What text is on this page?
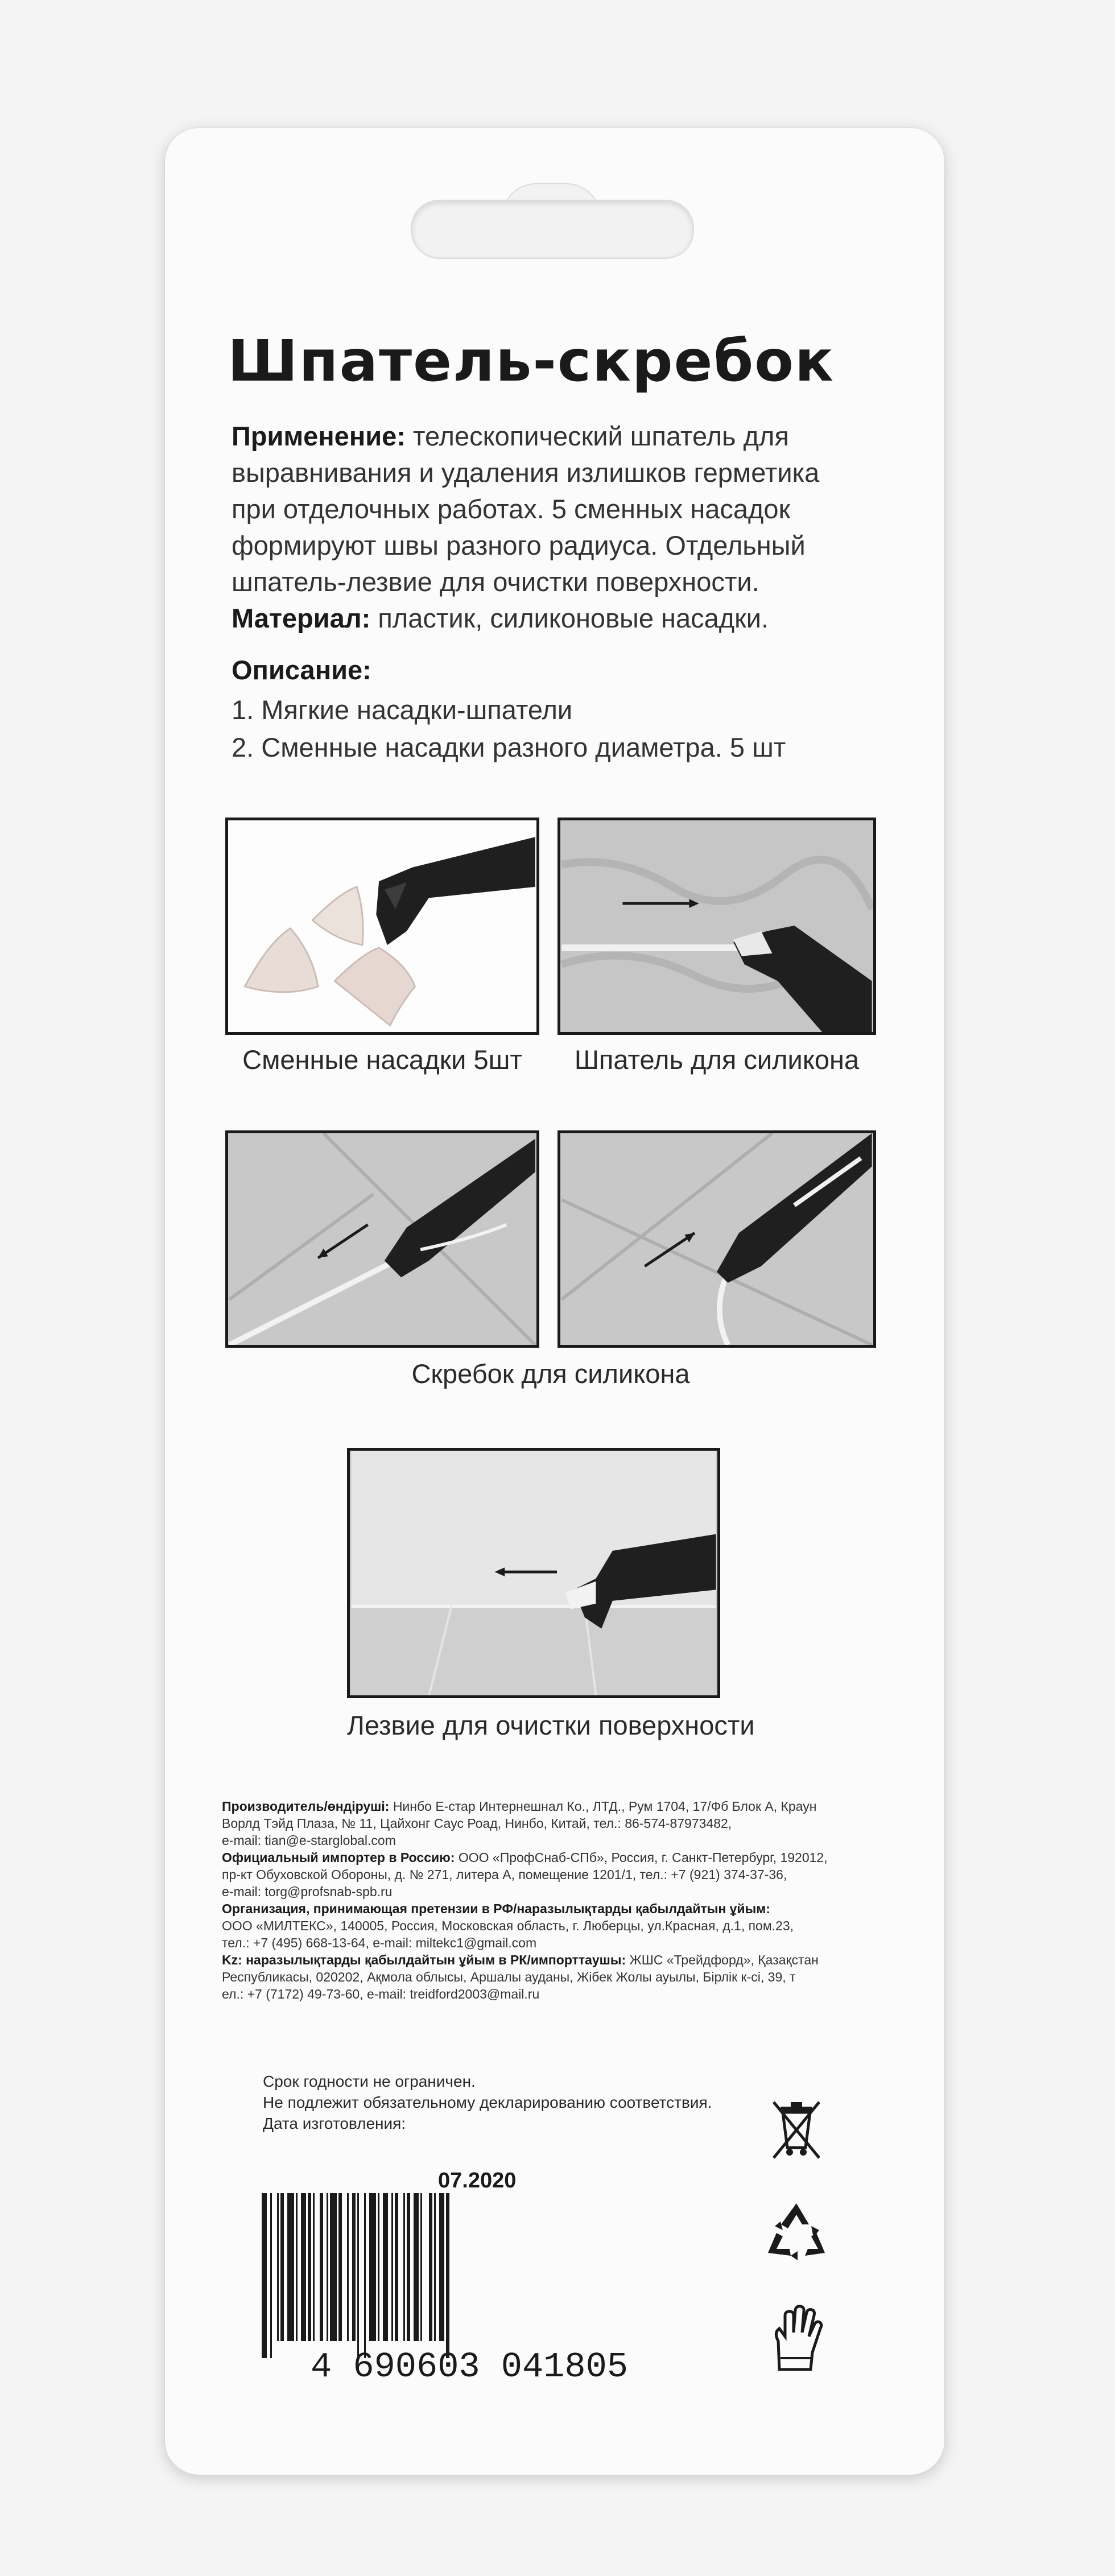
Шпатель-скребок
Применение: телескопический шпатель для
выравнивания и удаления излишков герметика
при отделочных работах. 5 сменных насадок
формируют швы разного радиуса. Отдельный
шпатель-лезвие для очистки поверхности.
Материал: пластик, силиконовые насадки.
Описание:
1. Мягкие насадки-шпатели
2. Сменные насадки разного диаметра. 5 шт
Сменные насадки 5шт	Шпатель для силикона
Скребок для силикона
Лезвие для очистки поверхности
Производитель/өндіруші: Нинбо Е-стар Интернешнал Ко., ЛТД., Рум 1704, 17/Фб Блок А, Краун
Ворлд Тэйд Плаза, № 11, Цайхонг Саус Роад, Нинбо, Китай, тел.: 86-574-87973482,
e-mail: tian@e-starglobal.com
Официальный импортер в Россию: ООО «ПрофСнаб-СПб», Россия, г. Санкт-Петербург, 192012,
пр-кт Обуховской Обороны, д. № 271, литера А, помещение 1201/1, тел.: +7 (921) 374-37-36,
e-mail: torg@profsnab-spb.ru
Организация, принимающая претензии в РФ/наразылықтарды қабылдайтын ұйым:
ООО «МИЛТЕКС», 140005, Россия, Московская область, г. Люберцы, ул.Красная, д.1, пом.23,
тел.: +7 (495) 668-13-64, e-mail: miltekc1@gmail.com
Kz: наразылықтарды қабылдайтын ұйым в РК/импорттаушы: ЖШС «Трейдфорд», Қазақстан
Республикасы, 020202, Ақмола облысы, Аршалы ауданы, Жібек Жолы ауылы, Бірлік к-сі, 39, т
ел.: +7 (7172) 49-73-60, e-mail: treidford2003@mail.ru
Срок годности не ограничен.
Не подлежит обязательному декларированию соответствия.
Дата изготовления:
07.2020
4 690603 041805
